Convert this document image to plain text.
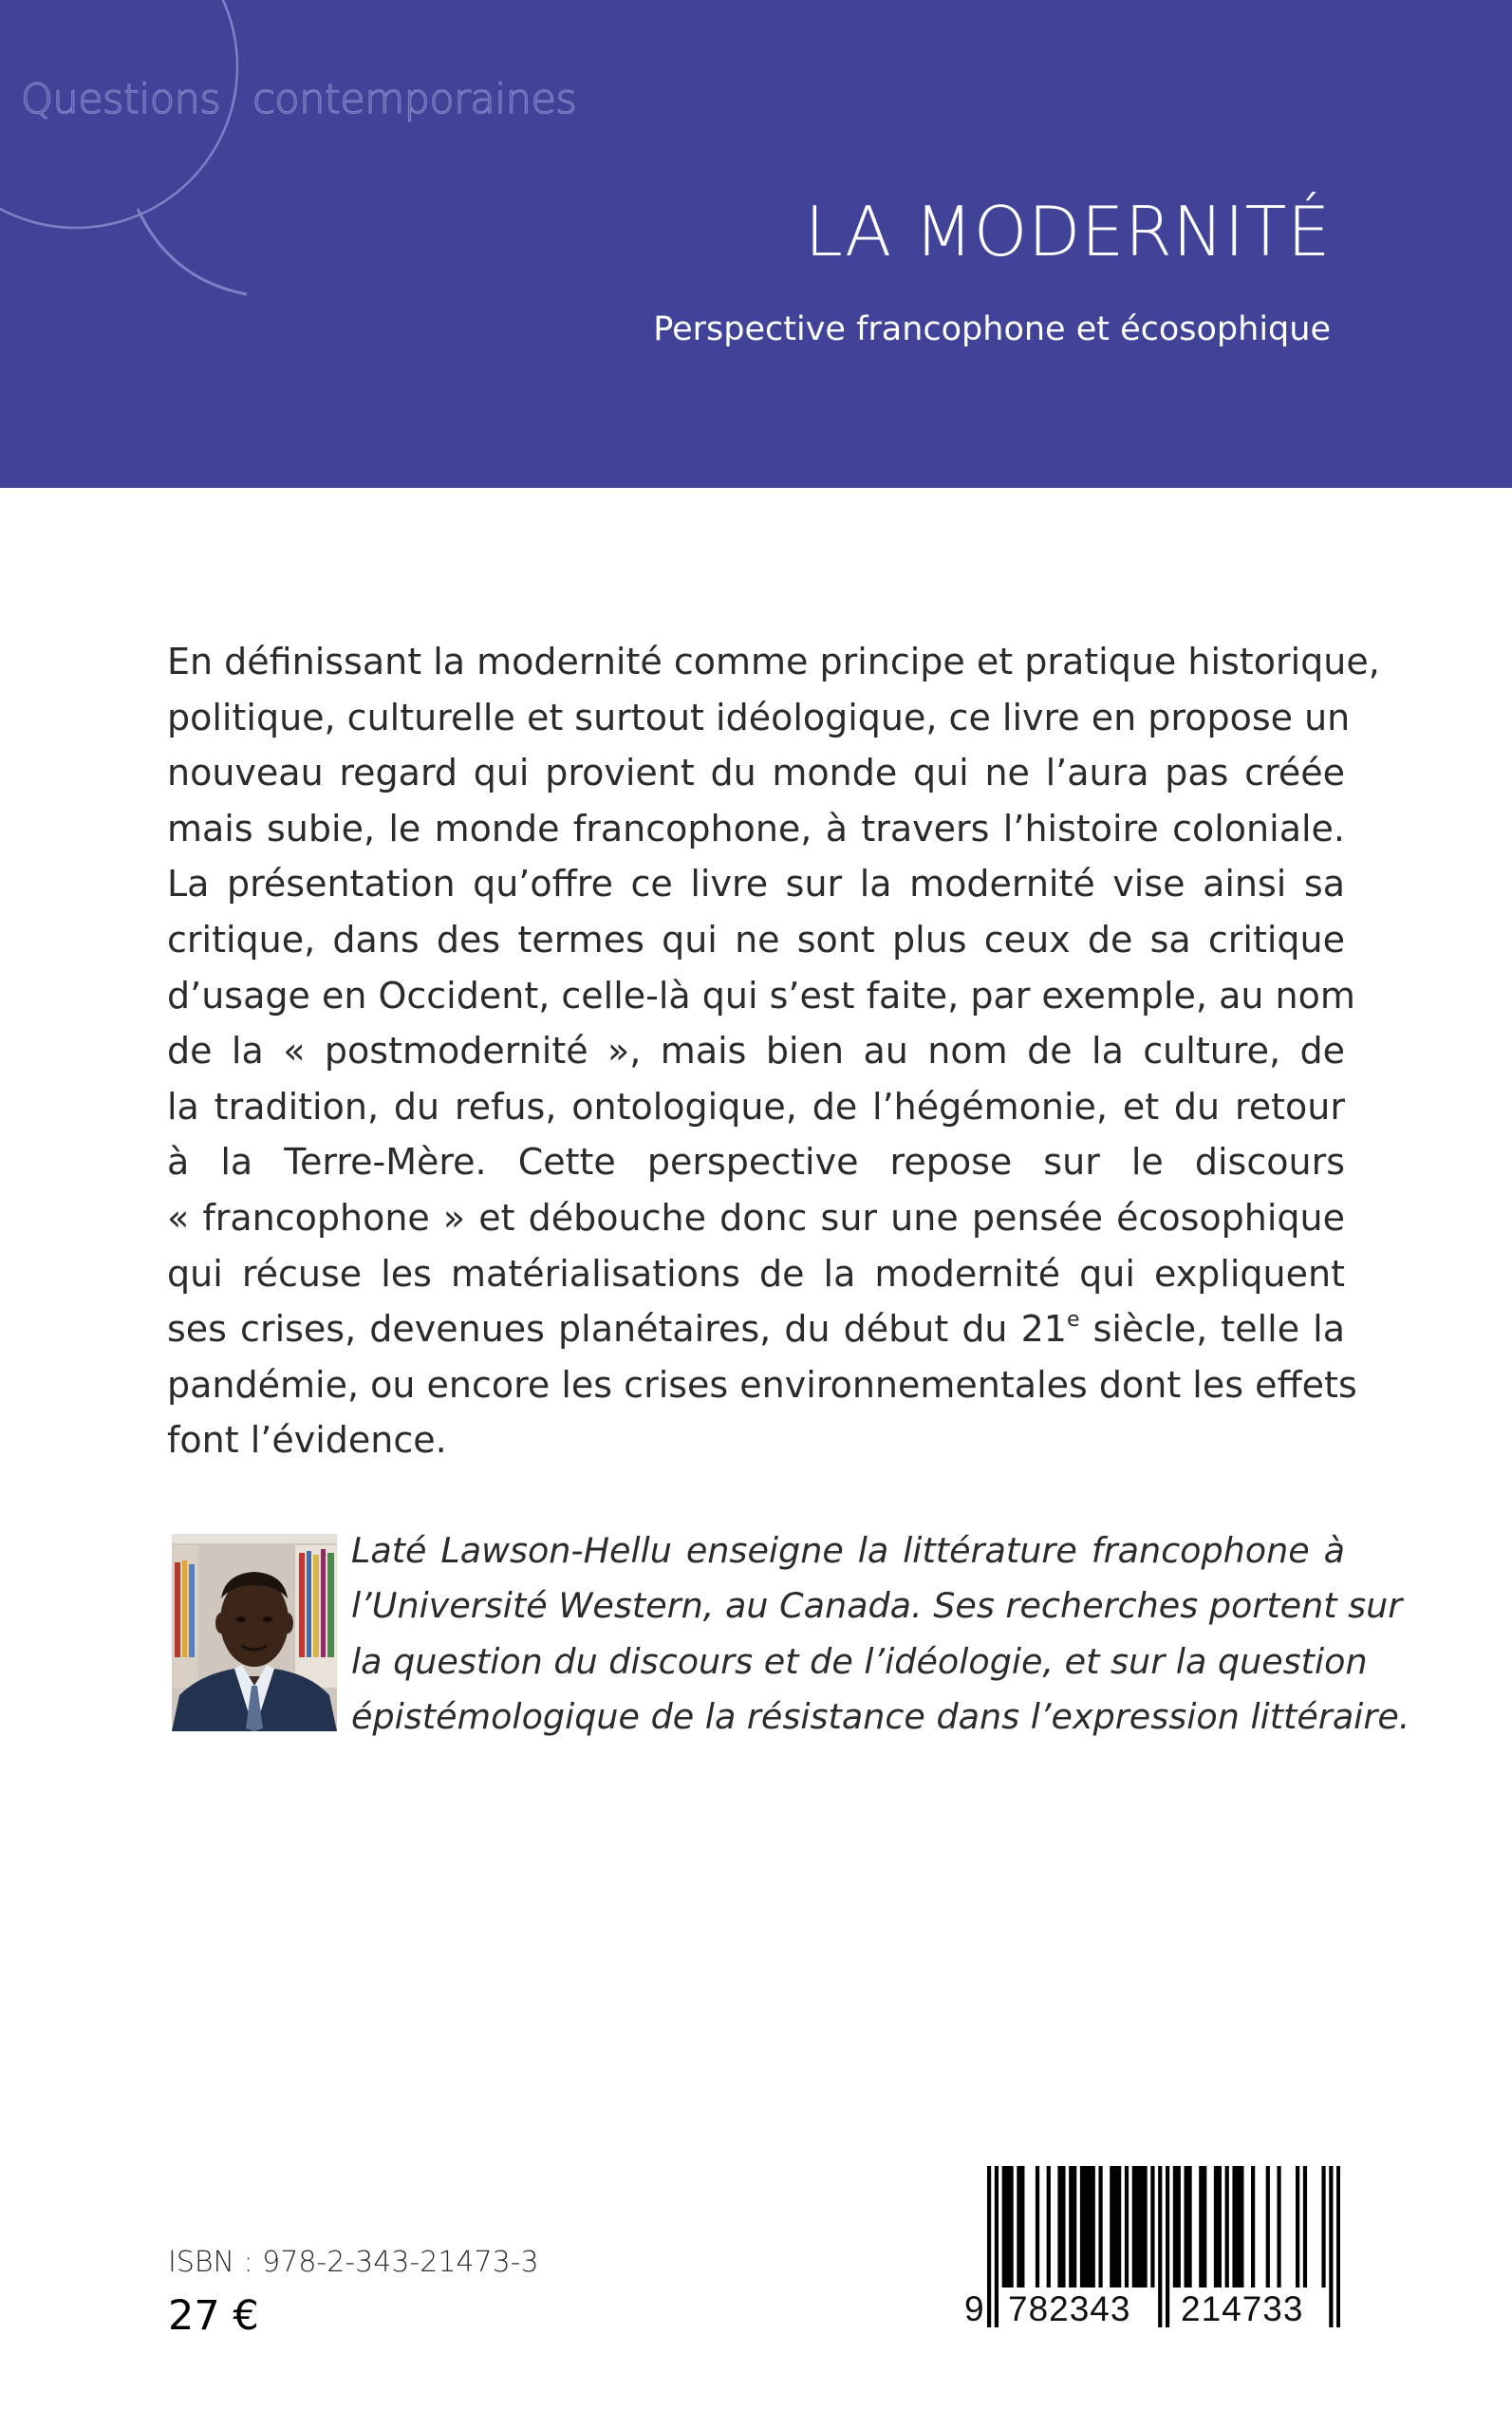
Questions contemporaines
LA MODERNITÉ
Perspective francophone et écosophique
En définissant la modernité comme principe et pratique historique,
politique, culturelle et surtout idéologique, ce livre en propose un
nouveau regard qui provient du monde qui ne l’aura pas créée
mais subie, le monde francophone, à travers l’histoire coloniale.
La présentation qu’offre ce livre sur la modernité vise ainsi sa
critique, dans des termes qui ne sont plus ceux de sa critique
d’usage en Occident, celle-là qui s’est faite, par exemple, au nom
de la « postmodernité », mais bien au nom de la culture, de
la tradition, du refus, ontologique, de l’hégémonie, et du retour
à la Terre-Mère. Cette perspective repose sur le discours
« francophone » et débouche donc sur une pensée écosophique
qui récuse les matérialisations de la modernité qui expliquent
ses crises, devenues planétaires, du début du 21e siècle, telle la
pandémie, ou encore les crises environnementales dont les effets
font l’évidence.
Laté Lawson-Hellu enseigne la littérature francophone à
l’Université Western, au Canada. Ses recherches portent sur
la question du discours et de l’idéologie, et sur la question
épistémologique de la résistance dans l’expression littéraire.
ISBN : 978-2-343-21473-3
27 €	9 782343 214733
